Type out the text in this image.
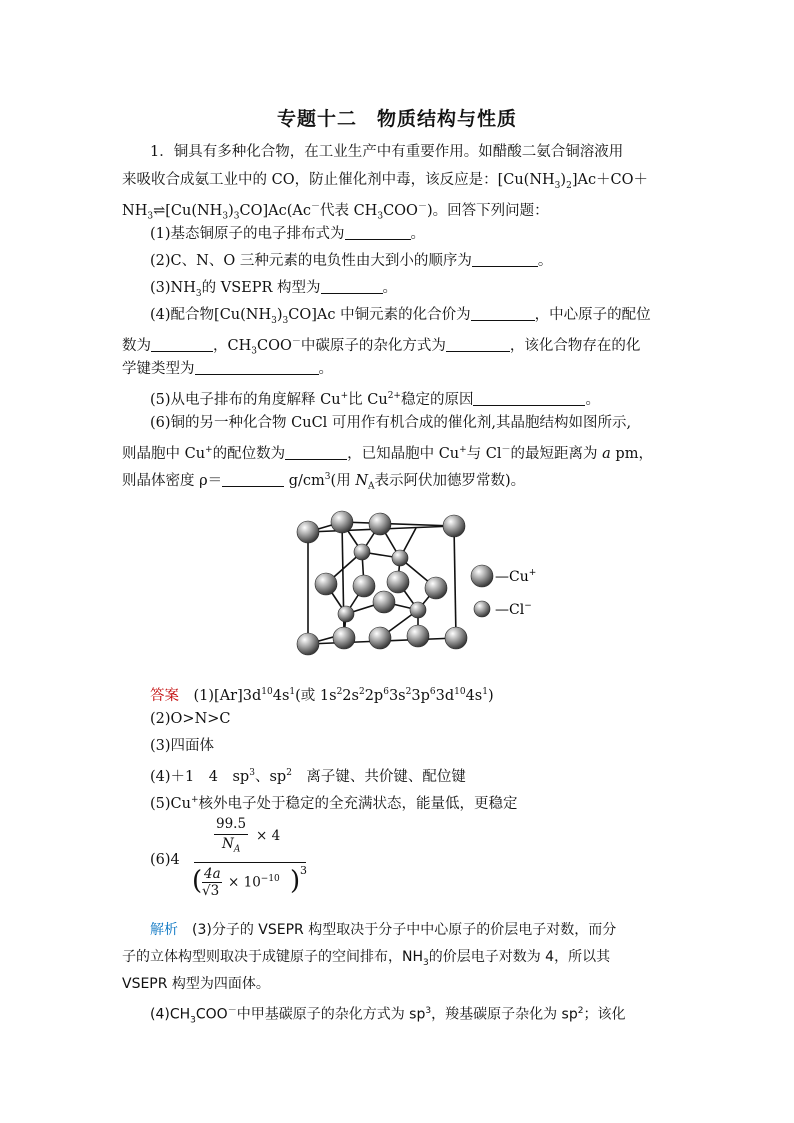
专题十二　物质结构与性质
1．铜具有多种化合物，在工业生产中有重要作用。如醋酸二氨合铜溶液用
来吸收合成氨工业中的 CO，防止催化剂中毒，该反应是：$[Cu(NH_3)_2]Ac+CO+$
$NH_3\rightleftharpoons[Cu(NH_3)_3CO]Ac(Ac^-$代表 $CH_3COO^-$)。回答下列问题：
(1)基态铜原子的电子排布式为	。
(2)C、N、O 三种元素的电负性由大到小的顺序为	。
$(3)NH_3$的 VSEPR 构型为	。
(4)配合物$[Cu(NH_3)_3CO]Ac$ 中铜元素的化合价为	，中心原子的配位
数为	，$CH_3COO^-$中碳原子的杂化方式为	，该化合物存在的化
学键类型为	。
(5)从电子排布的角度解释 Cu+比 $Cu^{2+}$稳定的原因	。
(6)铜的另一种化合物 CuCl 可用作有机合成的催化剂,其晶胞结构如图所示,
则晶胞中 Cu+的配位数为	，已知晶胞中 Cu+与 Cl－的最短距离为 a pm，
则晶体密度 ρ＝	$g/cm^3$(用 $N_A$表示阿伏加德罗常数)。
—Cu+
—Cl−
答案　 $(1)[Ar]3d^{10}4s^1$(或 $1s^22s^22p^63s^23p^63d^{10}4s^1$)
(2)O>N>C
(3)四面体
(4)＋1　4　$sp^3$、$sp^2$　离子键、共价键、配位键
(5)Cu+核外电子处于稳定的全充满状态，能量低，更稳定
(6)4
99.5
$N_A$
× 4
( 4a
√3
× $10^{-10}$ ) 3
解析　 (3)分子的 VSEPR 构型取决于分子中中心原子的价层电子对数，而分
子的立体构型则取决于成键原子的空间排布，$NH_3$的价层电子对数为 4，所以其
VSEPR 构型为四面体。
$(4)CH_3COO^-$中甲基碳原子的杂化方式为 $sp^3$，羧基碳原子杂化为 $sp^2$；该化
